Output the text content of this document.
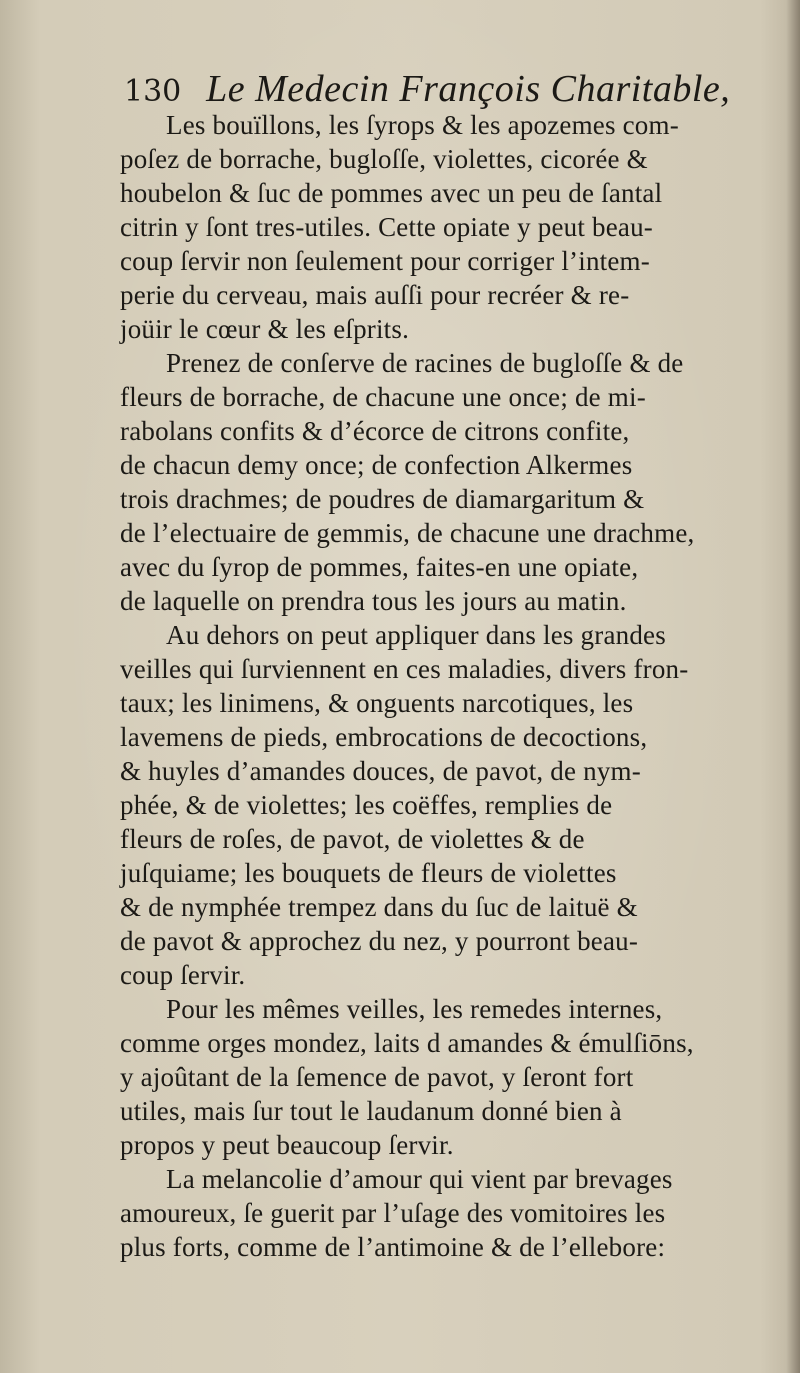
130 Le Medecin François Charitable,
Les bouïllons, les ſyrops & les apozemes com-
poſez de borrache, bugloſſe, violettes, cicorée &
houbelon & ſuc de pommes avec un peu de ſantal
citrin y ſont tres-utiles. Cette opiate y peut beau-
coup ſervir non ſeulement pour corriger l’intem-
perie du cerveau, mais auſſi pour recréer & re-
joüir le cœur & les eſprits.
Prenez de conſerve de racines de bugloſſe & de
fleurs de borrache, de chacune une once; de mi-
rabolans confits & d’écorce de citrons confite,
de chacun demy once; de confection Alkermes
trois drachmes; de poudres de diamargaritum &
de l’electuaire de gemmis, de chacune une drachme,
avec du ſyrop de pommes, faites-en une opiate,
de laquelle on prendra tous les jours au matin.
Au dehors on peut appliquer dans les grandes
veilles qui ſurviennent en ces maladies, divers fron-
taux; les linimens, & onguents narcotiques, les
lavemens de pieds, embrocations de decoctions,
& huyles d’amandes douces, de pavot, de nym-
phée, & de violettes; les coëffes, remplies de
fleurs de roſes, de pavot, de violettes & de
juſquiame; les bouquets de fleurs de violettes
& de nymphée trempez dans du ſuc de laituë &
de pavot & approchez du nez, y pourront beau-
coup ſervir.
Pour les mêmes veilles, les remedes internes,
comme orges mondez, laits d amandes & émulſiōns,
y ajoûtant de la ſemence de pavot, y ſeront fort
utiles, mais ſur tout le laudanum donné bien à
propos y peut beaucoup ſervir.
La melancolie d’amour qui vient par brevages
amoureux, ſe guerit par l’uſage des vomitoires les
plus forts, comme de l’antimoine & de l’ellebore:
